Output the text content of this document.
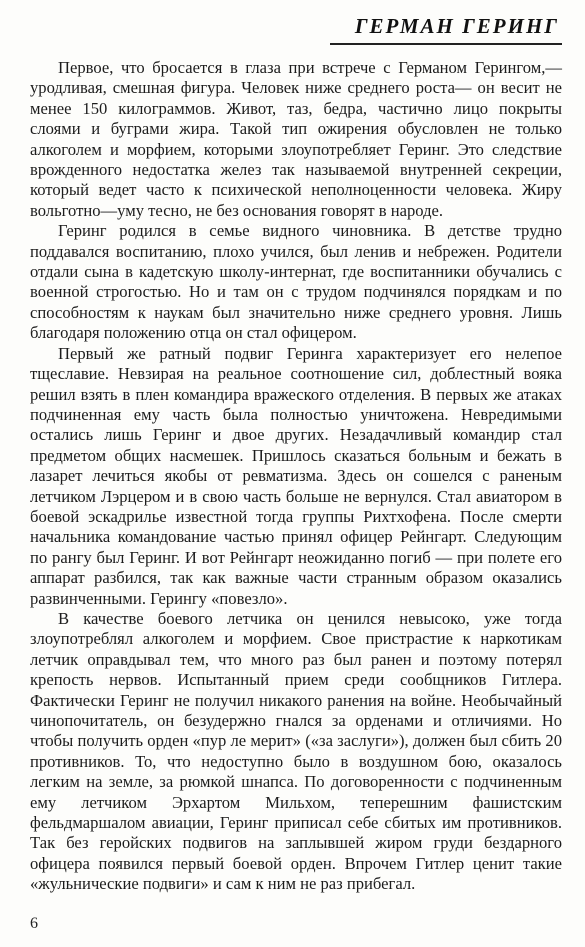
ГЕРМАН ГЕРИНГ

Первое, что бросается в глаза при встрече с Германом Герингом,—уродливая, смешная фигура. Человек ниже среднего роста— он весит не менее 150 килограммов. Живот, таз, бедра, частично лицо покрыты слоями и буграми жира. Такой тип ожирения обусловлен не только алкоголем и морфием, которыми злоупотребляет Геринг. Это следствие врожденного недостатка желез так называемой внутренней секреции, который ведет часто к психической неполноценности человека. Жиру вольготно—уму тесно, не без основания говорят в народе.

Геринг родился в семье видного чиновника. В детстве трудно поддавался воспитанию, плохо учился, был ленив и небрежен. Родители отдали сына в кадетскую школу-интернат, где воспитанники обучались с военной строгостью. Но и там он с трудом подчинялся порядкам и по способностям к наукам был значительно ниже среднего уровня. Лишь благодаря положению отца он стал офицером.

Первый же ратный подвиг Геринга характеризует его нелепое тщеславие. Невзирая на реальное соотношение сил, доблестный вояка решил взять в плен командира вражеского отделения. В первых же атаках подчиненная ему часть была полностью уничтожена. Невредимыми остались лишь Геринг и двое других. Незадачливый командир стал предметом общих насмешек. Пришлось сказаться больным и бежать в лазарет лечиться якобы от ревматизма. Здесь он сошелся с раненым летчиком Лэрцером и в свою часть больше не вернулся. Стал авиатором в боевой эскадрилье известной тогда группы Рихтхофена. После смерти начальника командование частью принял офицер Рейнгарт. Следующим по рангу был Геринг. И вот Рейнгарт неожиданно погиб — при полете его аппарат разбился, так как важные части странным образом оказались развинченными. Герингу «повезло».

В качестве боевого летчика он ценился невысоко, уже тогда злоупотреблял алкоголем и морфием. Свое пристрастие к наркотикам летчик оправдывал тем, что много раз был ранен и поэтому потерял крепость нервов. Испытанный прием среди сообщников Гитлера. Фактически Геринг не получил никакого ранения на войне. Необычайный чинопочитатель, он безудержно гнался за орденами и отличиями. Но чтобы получить орден «пур ле мерит» («за заслуги»), должен был сбить 20 противников. То, что недоступно было в воздушном бою, оказалось легким на земле, за рюмкой шнапса. По договоренности с подчиненным ему летчиком Эрхартом Мильхом, теперешним фашистским фельдмаршалом авиации, Геринг приписал себе сбитых им противников. Так без геройских подвигов на заплывшей жиром груди бездарного офицера появился первый боевой орден. Впрочем Гитлер ценит такие «жульнические подвиги» и сам к ним не раз прибегал.

6
